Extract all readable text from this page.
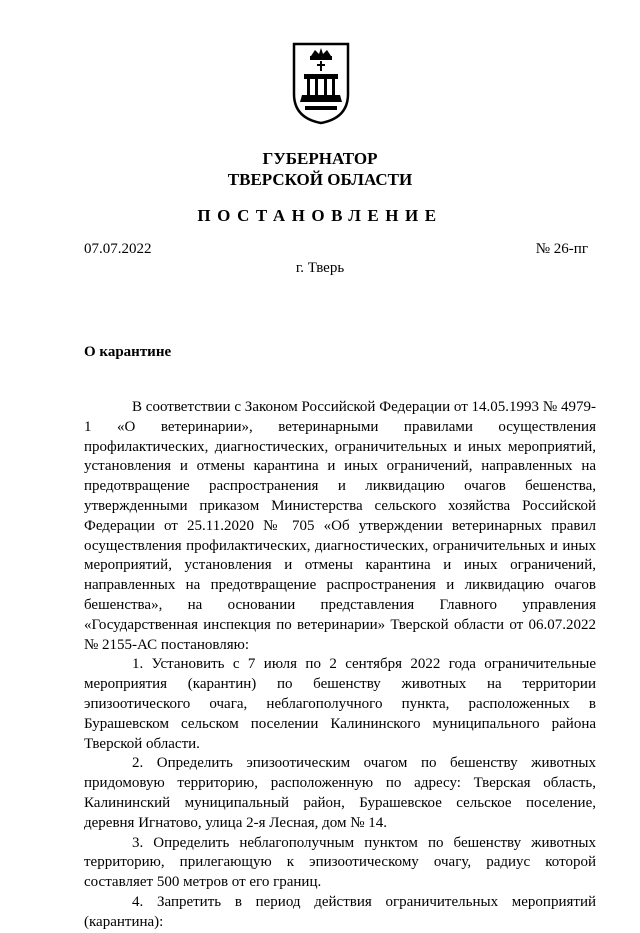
ГУБЕРНАТОР
ТВЕРСКОЙ ОБЛАСТИ
ПОСТАНОВЛЕНИЕ
07.07.2022	№ 26-пг
г. Тверь
О карантине

В соответствии с Законом Российской Федерации от 14.05.1993 № 4979-1 «О ветеринарии», ветеринарными правилами осуществления профилактических, диагностических, ограничительных и иных мероприятий, установления и отмены карантина и иных ограничений, направленных на предотвращение распространения и ликвидацию очагов бешенства, утвержденными приказом Министерства сельского хозяйства Российской Федерации от 25.11.2020 № 705 «Об утверждении ветеринарных правил осуществления профилактических, диагностических, ограничительных и иных мероприятий, установления и отмены карантина и иных ограничений, направленных на предотвращение распространения и ликвидацию очагов бешенства», на основании представления Главного управления «Государственная инспекция по ветеринарии» Тверской области от 06.07.2022 № 2155-АС постановляю:

1. Установить с 7 июля по 2 сентября 2022 года ограничительные мероприятия (карантин) по бешенству животных на территории эпизоотического очага, неблагополучного пункта, расположенных в Бурашевском сельском поселении Калининского муниципального района Тверской области.

2. Определить эпизоотическим очагом по бешенству животных придомовую территорию, расположенную по адресу: Тверская область, Калининский муниципальный район, Бурашевское сельское поселение, деревня Игнатово, улица 2-я Лесная, дом № 14.

3. Определить неблагополучным пунктом по бешенству животных территорию, прилегающую к эпизоотическому очагу, радиус которой составляет 500 метров от его границ.

4. Запретить в период действия ограничительных мероприятий (карантина):
